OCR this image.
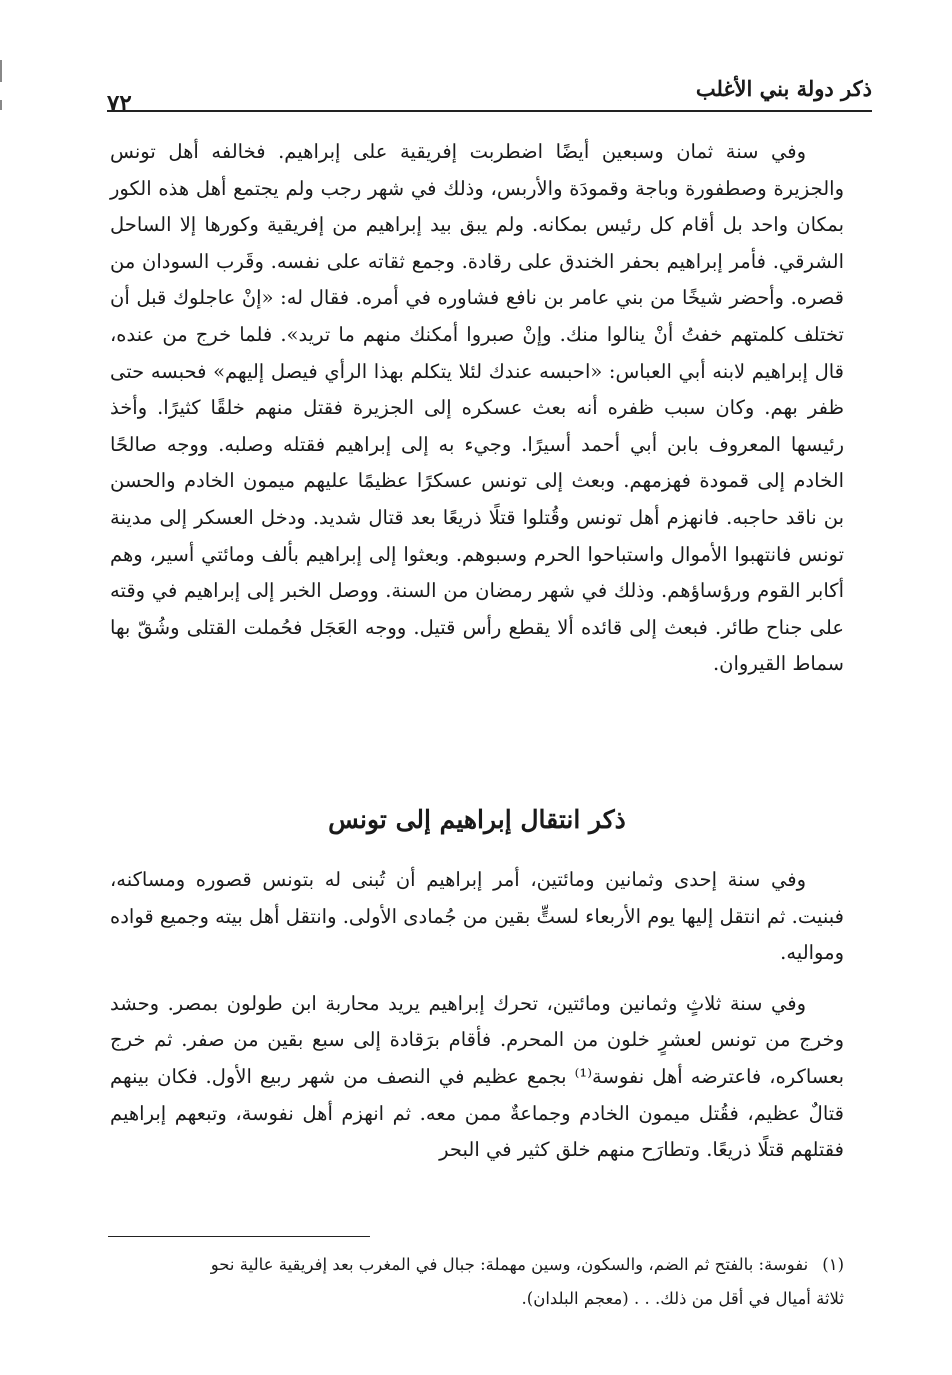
ذكر دولة بني الأغلب
٧٢

وفي سنة ثمان وسبعين أيضًا اضطربت إفريقية على إبراهيم. فخالفه أهل تونس والجزيرة وصطفورة وباجة وقمودَة والأربس، وذلك في شهر رجب ولم يجتمع أهل هذه الكور بمكان واحد بل أقام كل رئيس بمكانه. ولم يبق بيد إبراهيم من إفريقية وكورها إلا الساحل الشرقي. فأمر إبراهيم بحفر الخندق على رقادة. وجمع ثقاته على نفسه. وقَرب السودان من قصره. وأحضر شيخًا من بني عامر بن نافع فشاوره في أمره. فقال له: «إنْ عاجلوك قبل أن تختلف كلمتهم خفتُ أنْ ينالوا منك. وإنْ صبروا أمكنك منهم ما تريد». فلما خرج من عنده، قال إبراهيم لابنه أبي العباس: «احبسه عندك لئلا يتكلم بهذا الرأي فيصل إليهم» فحبسه حتى ظفر بهم. وكان سبب ظفره أنه بعث عسكره إلى الجزيرة فقتل منهم خلقًا كثيرًا. وأخذ رئيسها المعروف بابن أبي أحمد أسيرًا. وجيء به إلى إبراهيم فقتله وصلبه. ووجه صالحًا الخادم إلى قمودة فهزمهم. وبعث إلى تونس عسكرًا عظيمًا عليهم ميمون الخادم والحسن بن ناقد حاجبه. فانهزم أهل تونس وقُتلوا قتلًا ذريعًا بعد قتال شديد. ودخل العسكر إلى مدينة تونس فانتهبوا الأموال واستباحوا الحرم وسبوهم. وبعثوا إلى إبراهيم بألف ومائتي أسير، وهم أكابر القوم ورؤساؤهم. وذلك في شهر رمضان من السنة. ووصل الخبر إلى إبراهيم في وقته على جناح طائر. فبعث إلى قائده ألا يقطع رأس قتيل. ووجه العَجَل فحُملت القتلى وشُقّ بها سماط القيروان.

ذكر انتقال إبراهيم إلى تونس

وفي سنة إحدى وثمانين ومائتين، أمر إبراهيم أن تُبنى له بتونس قصوره ومساكنه، فبنيت. ثم انتقل إليها يوم الأربعاء لستٍّ بقين من جُمادى الأولى. وانتقل أهل بيته وجميع قواده ومواليه.

وفي سنة ثلاثٍ وثمانين ومائتين، تحرك إبراهيم يريد محاربة ابن طولون بمصر. وحشد وخرج من تونس لعشرٍ خلون من المحرم. فأقام برَقادة إلى سبع بقين من صفر. ثم خرج بعساكره، فاعترضه أهل نفوسة⁽¹⁾ بجمع عظيم في النصف من شهر ربيع الأول. فكان بينهم قتالٌ عظيم، فقُتل ميمون الخادم وجماعةٌ ممن معه. ثم انهزم أهل نفوسة، وتبعهم إبراهيم فقتلهم قتلًا ذريعًا. وتطارَح منهم خلق كثير في البحر

(١)نفوسة: بالفتح ثم الضم، والسكون، وسين مهملة: جبال في المغرب بعد إفريقية عالية نحو

ثلاثة أميال في أقل من ذلك. . . (معجم البلدان).
